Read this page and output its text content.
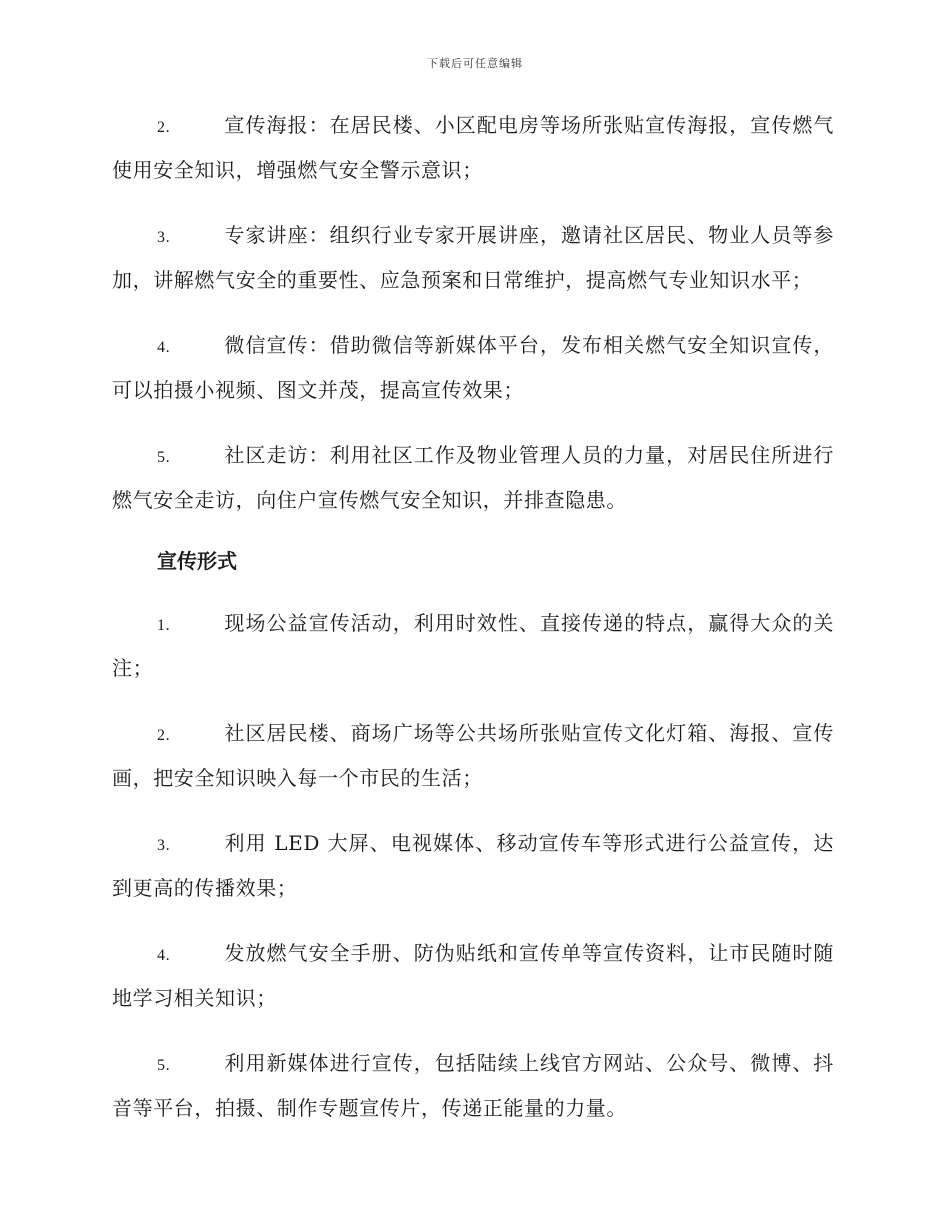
下载后可任意编辑

2.	宣传海报：在居民楼、小区配电房等场所张贴宣传海报，宣传燃气使用安全知识，增强燃气安全警示意识；

3.	专家讲座：组织行业专家开展讲座，邀请社区居民、物业人员等参加，讲解燃气安全的重要性、应急预案和日常维护，提高燃气专业知识水平；

4.	微信宣传：借助微信等新媒体平台，发布相关燃气安全知识宣传，可以拍摄小视频、图文并茂，提高宣传效果；

5.	社区走访：利用社区工作及物业管理人员的力量，对居民住所进行燃气安全走访，向住户宣传燃气安全知识，并排查隐患。

宣传形式

1.	现场公益宣传活动，利用时效性、直接传递的特点，赢得大众的关注；

2.	社区居民楼、商场广场等公共场所张贴宣传文化灯箱、海报、宣传画，把安全知识映入每一个市民的生活；

3.	利用 LED 大屏、电视媒体、移动宣传车等形式进行公益宣传，达到更高的传播效果；

4.	发放燃气安全手册、防伪贴纸和宣传单等宣传资料，让市民随时随地学习相关知识；

5.	利用新媒体进行宣传，包括陆续上线官方网站、公众号、微博、抖音等平台，拍摄、制作专题宣传片，传递正能量的力量。
